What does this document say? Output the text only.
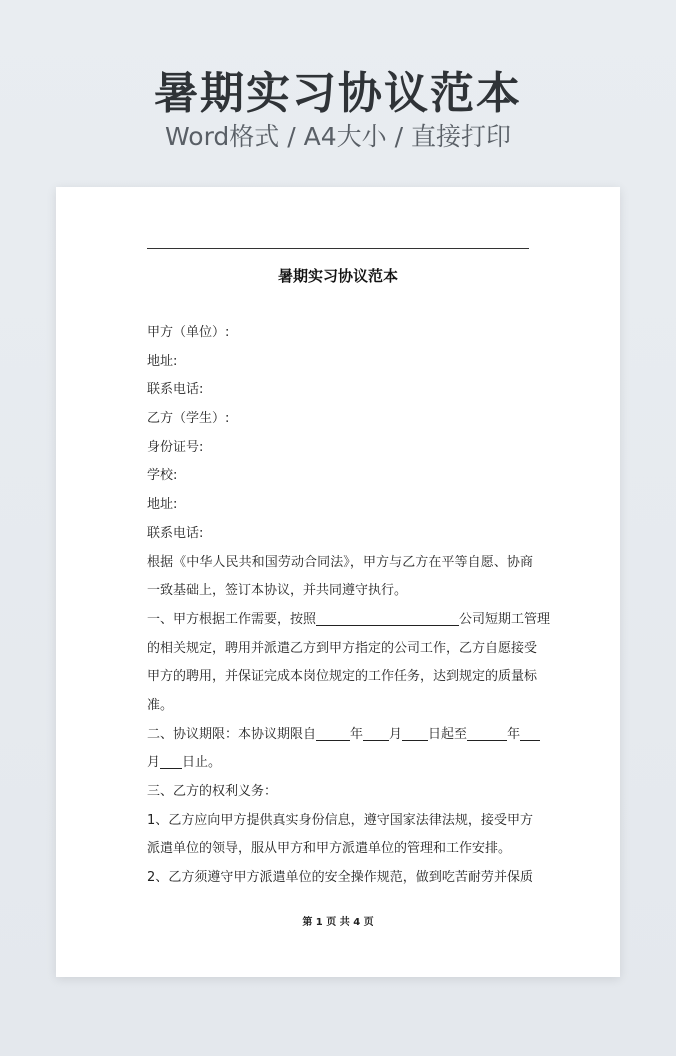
暑期实习协议范本
Word格式 / A4大小 / 直接打印
暑期实习协议范本
甲方（单位）:
地址:
联系电话:
乙方（学生）:
身份证号:
学校:
地址:
联系电话:
根据《中华人民共和国劳动合同法》，甲方与乙方在平等自愿、协商
一致基础上，签订本协议，并共同遵守执行。
一、甲方根据工作需要，按照	公司短期工管理
的相关规定，聘用并派遣乙方到甲方指定的公司工作，乙方自愿接受
甲方的聘用，并保证完成本岗位规定的工作任务，达到规定的质量标
准。
二、协议期限：本协议期限自	年 月 日起至	年
月 日止。
三、乙方的权利义务：
1、乙方应向甲方提供真实身份信息，遵守国家法律法规，接受甲方
派遣单位的领导，服从甲方和甲方派遣单位的管理和工作安排。
2、乙方须遵守甲方派遣单位的安全操作规范，做到吃苦耐劳并保质
第 1 页 共 4 页
